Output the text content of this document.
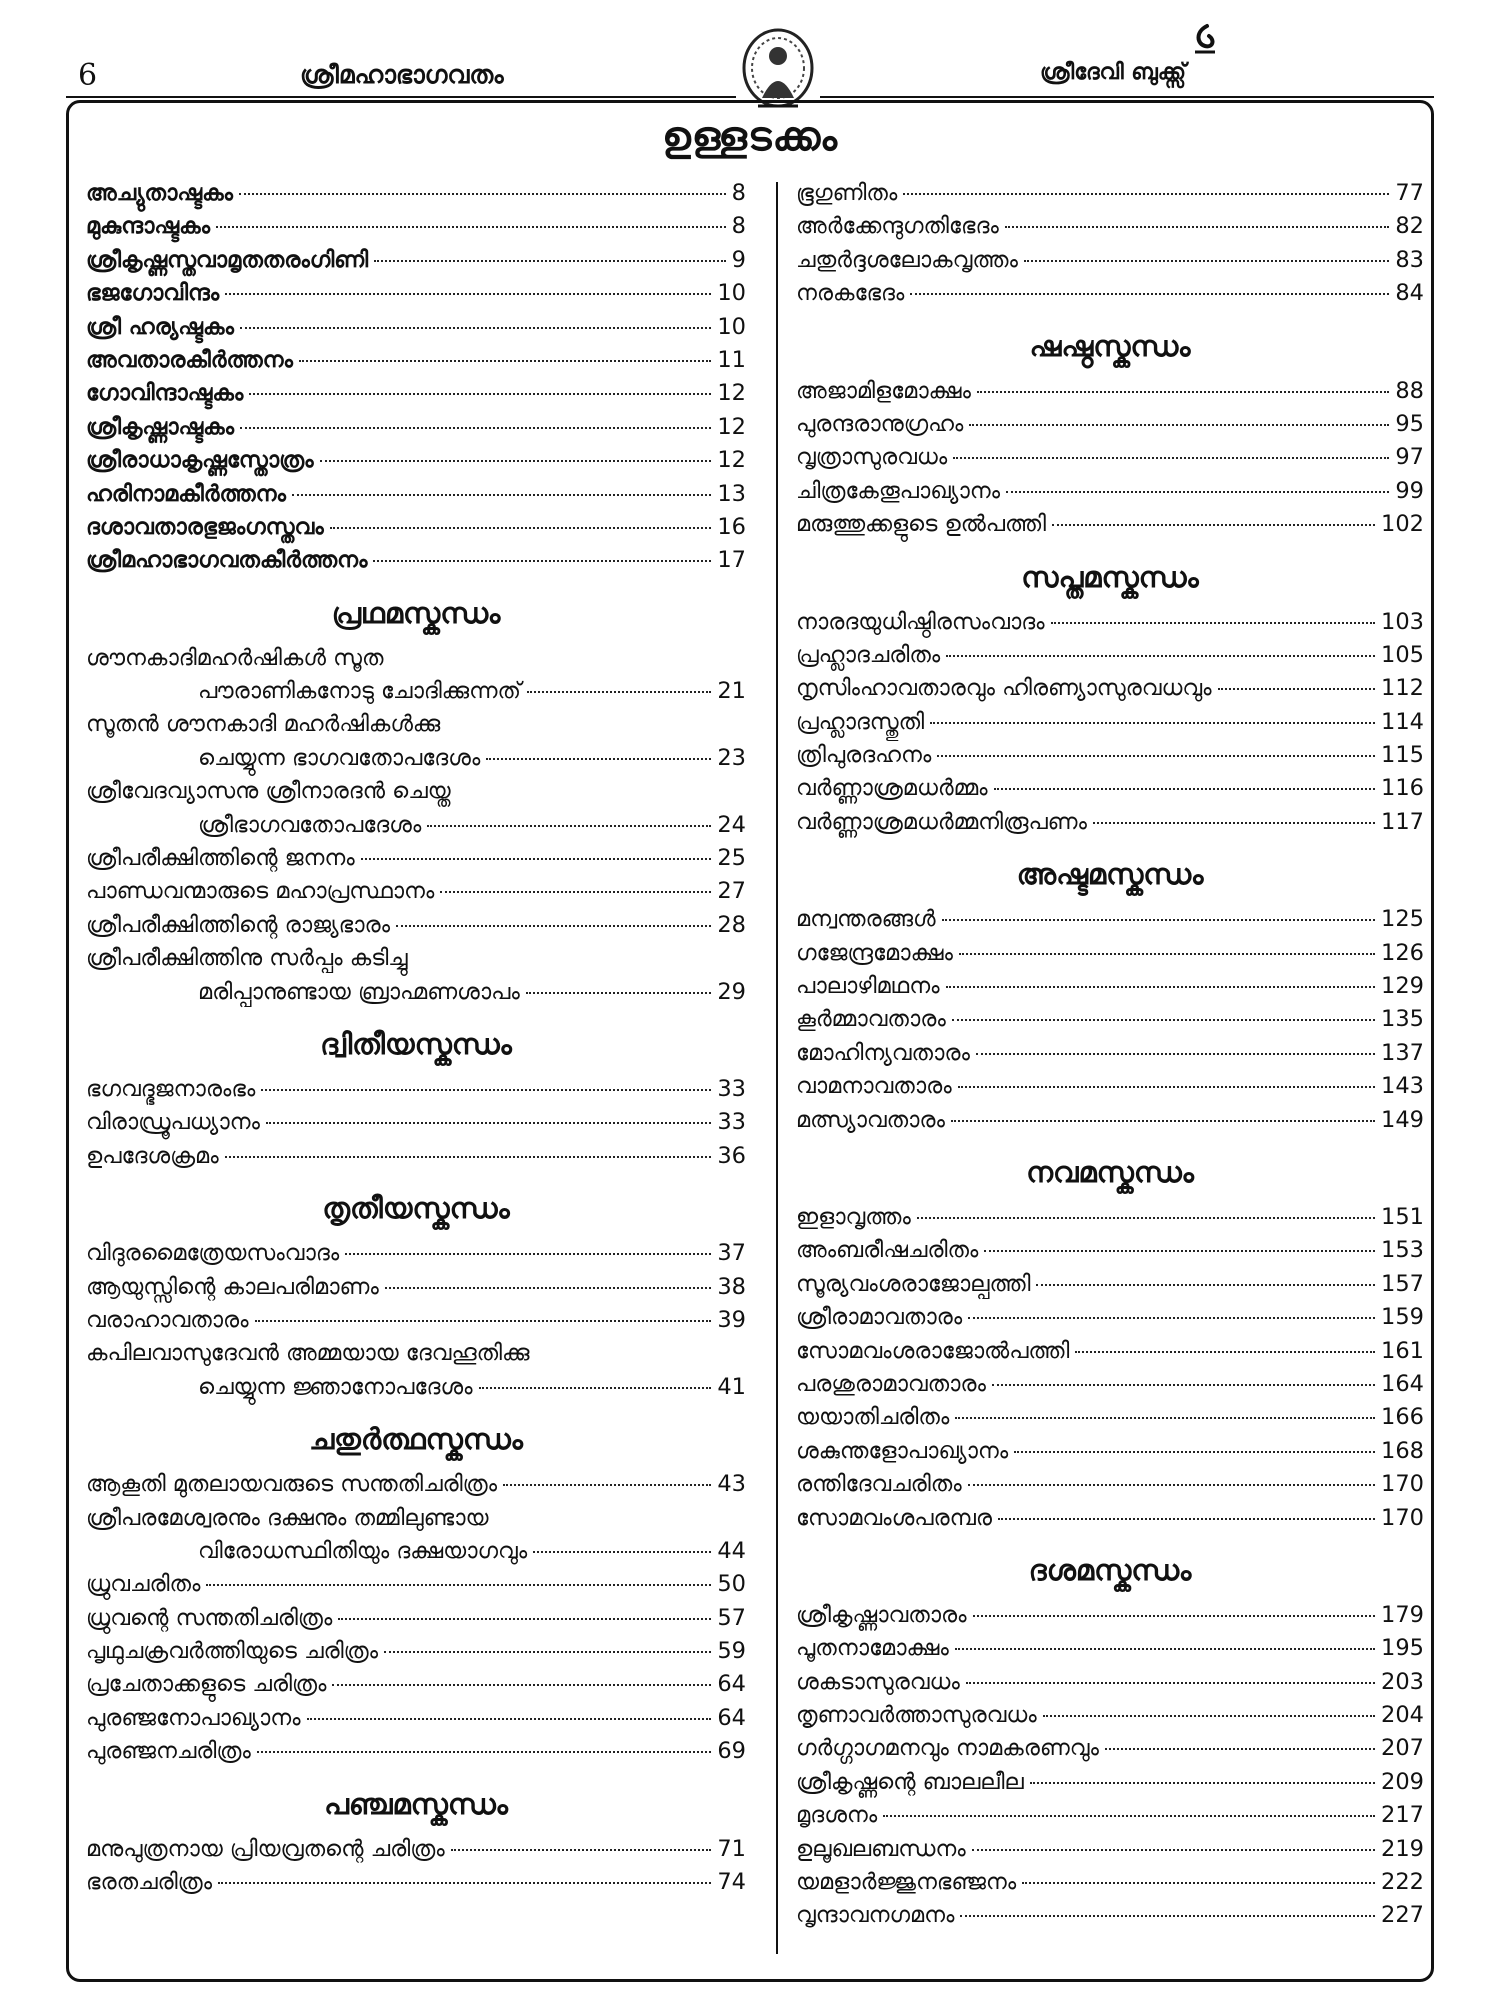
6	ശ്രീമഹാഭാഗവതം	ശ്രീദേവി ബുക്ക്സ്
ഉള്ളടക്കം
അച്യുതാഷ്ടകം	8
മുകുന്ദാഷ്ടകം	8
ശ്രീകൃഷ്ണസ്തവാമൃതതരംഗിണി	9
ഭജഗോവിന്ദം	10
ശ്രീ ഹര്യഷ്ടകം	10
അവതാരകീർത്തനം	11
ഗോവിന്ദാഷ്ടകം	12
ശ്രീകൃഷ്ണാഷ്ടകം	12
ശ്രീരാധാകൃഷ്ണസ്തോത്രം	12
ഹരിനാമകീർത്തനം	13
ദശാവതാരഭുജംഗസ്തവം	16
ശ്രീമഹാഭാഗവതകീർത്തനം	17
പ്രഥമസ്കന്ധം
ശൗനകാദിമഹർഷികൾ സൂത
പൗരാണികനോടു ചോദിക്കുന്നത്	21
സൂതൻ ശൗനകാദി മഹർഷികൾക്കു
ചെയ്യുന്ന ഭാഗവതോപദേശം	23
ശ്രീവേദവ്യാസനു ശ്രീനാരദൻ ചെയ്ത
ശ്രീഭാഗവതോപദേശം	24
ശ്രീപരീക്ഷിത്തിന്റെ ജനനം	25
പാണ്ഡവന്മാരുടെ മഹാപ്രസ്ഥാനം	27
ശ്രീപരീക്ഷിത്തിന്റെ രാജ്യഭാരം	28
ശ്രീപരീക്ഷിത്തിനു സർപ്പം കടിച്ചു
മരിപ്പാനുണ്ടായ ബ്രാഹ്മണശാപം	29
ദ്വിതീയസ്കന്ധം
ഭഗവദ്ഭജനാരംഭം	33
വിരാഡ്രൂപധ്യാനം	33
ഉപദേശക്രമം	36
തൃതീയസ്കന്ധം
വിദുരമൈത്രേയസംവാദം	37
ആയുസ്സിന്റെ കാലപരിമാണം	38
വരാഹാവതാരം	39
കപിലവാസുദേവൻ അമ്മയായ ദേവഹൂതിക്കു
ചെയ്യുന്ന ജ്ഞാനോപദേശം	41
ചതുർത്ഥസ്കന്ധം
ആകൂതി മുതലായവരുടെ സന്തതിചരിത്രം	43
ശ്രീപരമേശ്വരനും ദക്ഷനും തമ്മിലുണ്ടായ
വിരോധസ്ഥിതിയും ദക്ഷയാഗവും	44
ധ്രുവചരിതം	50
ധ്രുവന്റെ സന്തതിചരിത്രം	57
പൃഥുചക്രവർത്തിയുടെ ചരിത്രം	59
പ്രചേതാക്കളുടെ ചരിത്രം	64
പുരഞ്ജനോപാഖ്യാനം	64
പുരഞ്ജനചരിത്രം	69
പഞ്ചമസ്കന്ധം
മനുപുത്രനായ പ്രിയവ്രതന്റെ ചരിത്രം	71
ഭരതചരിത്രം	74
ഭൂഗുണിതം	77
അർക്കേന്ദുഗതിഭേദം	82
ചതുർദ്ദശലോകവൃത്തം	83
നരകഭേദം	84
ഷഷ്ഠസ്കന്ധം
അജാമിളമോക്ഷം	88
പുരന്ദരാനുഗ്രഹം	95
വൃത്രാസുരവധം	97
ചിത്രകേതൂപാഖ്യാനം	99
മരുത്തുക്കളുടെ ഉൽപത്തി	102
സപ്തമസ്കന്ധം
നാരദയുധിഷ്ഠിരസംവാദം	103
പ്രഹ്ലാദചരിതം	105
നൃസിംഹാവതാരവും ഹിരണ്യാസുരവധവും	112
പ്രഹ്ലാദസ്തുതി	114
ത്രിപുരദഹനം	115
വർണ്ണാശ്രമധർമ്മം	116
വർണ്ണാശ്രമധർമ്മനിരൂപണം	117
അഷ്ടമസ്കന്ധം
മന്വന്തരങ്ങൾ	125
ഗജേന്ദ്രമോക്ഷം	126
പാലാഴിമഥനം	129
കൂർമ്മാവതാരം	135
മോഹിന്യവതാരം	137
വാമനാവതാരം	143
മത്സ്യാവതാരം	149
നവമസ്കന്ധം
ഇളാവൃത്തം	151
അംബരീഷചരിതം	153
സൂര്യവംശരാജോല്പത്തി	157
ശ്രീരാമാവതാരം	159
സോമവംശരാജോൽപത്തി	161
പരശുരാമാവതാരം	164
യയാതിചരിതം	166
ശകുന്തളോപാഖ്യാനം	168
രന്തിദേവചരിതം	170
സോമവംശപരമ്പര	170
ദശമസ്കന്ധം
ശ്രീകൃഷ്ണാവതാരം	179
പൂതനാമോക്ഷം	195
ശകടാസുരവധം	203
തൃണാവർത്താസുരവധം	204
ഗർഗ്ഗാഗമനവും നാമകരണവും	207
ശ്രീകൃഷ്ണന്റെ ബാലലീല	209
മൃദശനം	217
ഉലൂഖലബന്ധനം	219
യമളാർജ്ജുനഭഞ്ജനം	222
വൃന്ദാവനഗമനം	227
